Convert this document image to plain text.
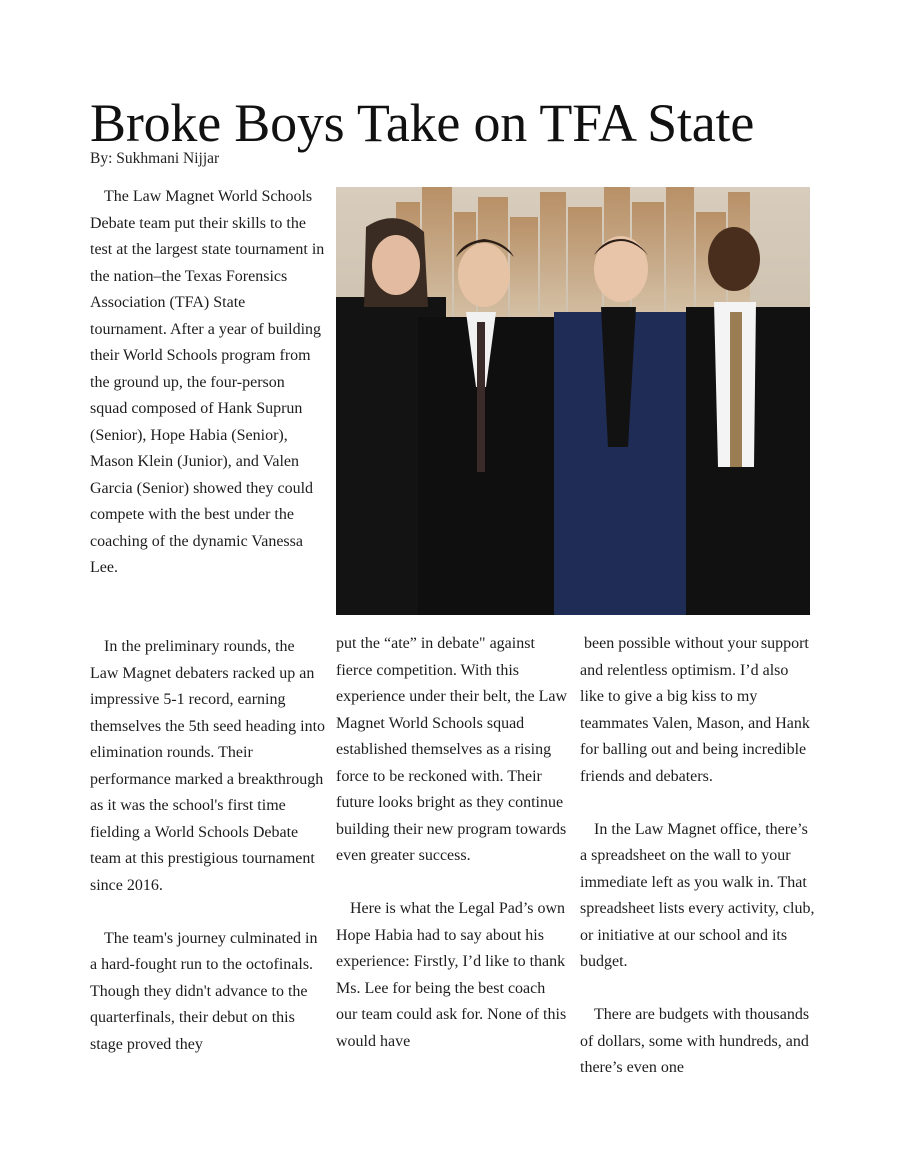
Broke Boys Take on TFA State
By: Sukhmani Nijjar

The Law Magnet World Schools Debate team put their skills to the test at the largest state tournament in the nation–the Texas Forensics Association (TFA) State tournament. After a year of building their World Schools program from the ground up, the four-person squad composed of Hank Suprun (Senior), Hope Habia (Senior), Mason Klein (Junior), and Valen Garcia (Senior) showed they could compete with the best under the coaching of the dynamic Vanessa Lee.

In the preliminary rounds, the Law Magnet debaters racked up an impressive 5-1 record, earning themselves the 5th seed heading into elimination rounds. Their performance marked a breakthrough as it was the school's first time fielding a World Schools Debate team at this prestigious tournament since 2016.

The team's journey culminated in a hard-fought run to the octofinals. Though they didn't advance to the quarterfinals, their debut on this stage proved they

put the “ate” in debate" against fierce competition. With this experience under their belt, the Law Magnet World Schools squad established themselves as a rising force to be reckoned with. Their future looks bright as they continue building their new program towards even greater success.

Here is what the Legal Pad’s own Hope Habia had to say about his experience: Firstly, I’d like to thank Ms. Lee for being the best coach our team could ask for. None of this would have

been possible without your support and relentless optimism. I’d also like to give a big kiss to my teammates Valen, Mason, and Hank for balling out and being incredible friends and debaters.

In the Law Magnet office, there’s a spreadsheet on the wall to your immediate left as you walk in. That spreadsheet lists every activity, club, or initiative at our school and its budget.

There are budgets with thousands of dollars, some with hundreds, and there’s even one
